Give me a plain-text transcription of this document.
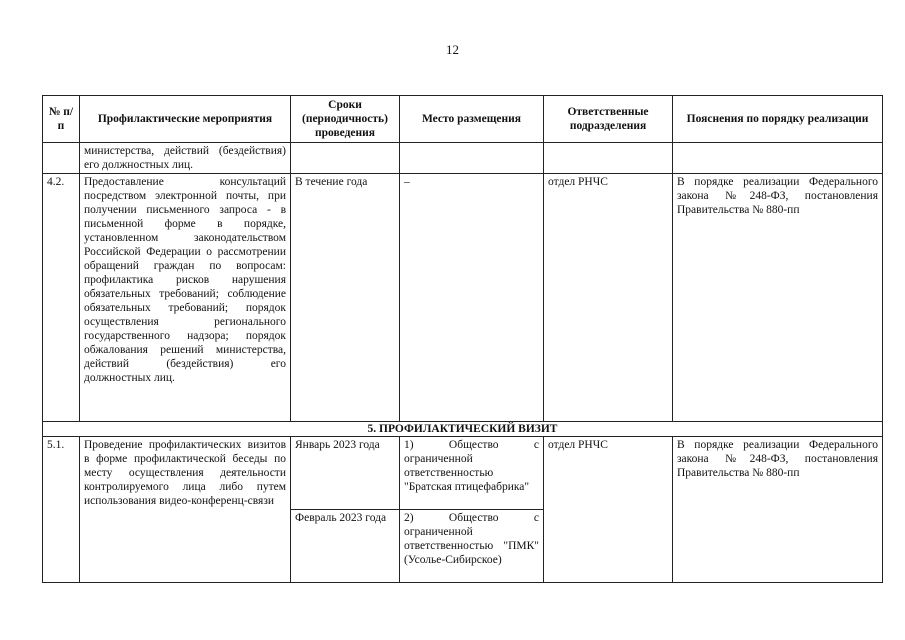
12
№ п/п	Профилактические мероприятия	Сроки (периодичность) проведения	Место размещения	Ответственные подразделения	Пояснения по порядку реализации
	министерства, действий (бездействия) его должностных лиц.				
4.2.	Предоставление консультаций посредством электронной почты, при получении письменного запроса - в письменной форме в порядке, установленном законодательством Российской Федерации о рассмотрении обращений граждан по вопросам: профилактика рисков нарушения обязательных требований; соблюдение обязательных требований; порядок осуществления регионального государственного надзора; порядок обжалования решений министерства, действий (бездействия) его должностных лиц.	В течение года	–	отдел РНЧС	В порядке реализации Федерального закона №248-ФЗ, постановления Правительства № 880-пп
5. ПРОФИЛАКТИЧЕСКИЙ ВИЗИТ					
5.1.	Проведение профилактических визитов в форме профилактической беседы по месту осуществления деятельности контролируемого лица либо путем использования видео-конференц-связи	Январь 2023 года	1) Общество с ограниченной ответственностью "Братская птицефабрика"	отдел РНЧС	В порядке реализации Федерального закона №248-ФЗ, постановления Правительства № 880-пп
		Февраль 2023 года	2) Общество с ограниченной ответственностью "ПМК" (Усолье-Сибирское)		
